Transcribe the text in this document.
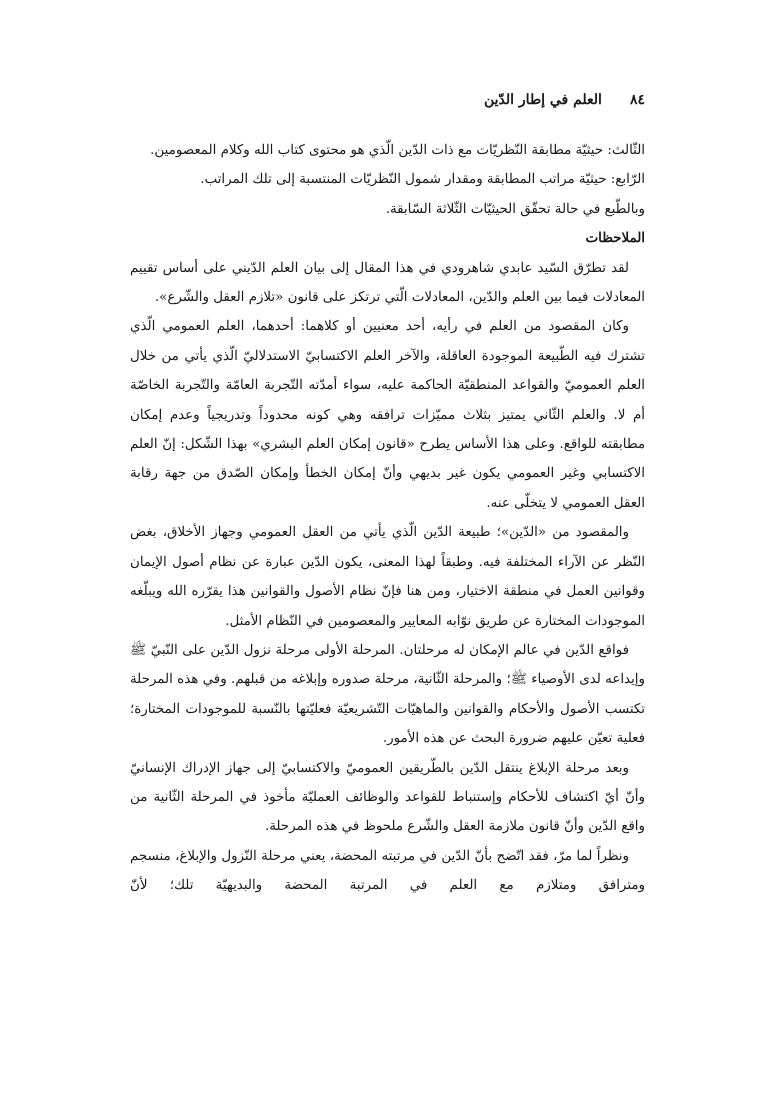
٨٤
العلم في إطار الدّين

الثّالث: حيثيّة مطابقة النّظريّات مع ذات الدّين الّذي هو محتوى كتاب الله وكلام المعصومين.

الرّابع: حيثيّة مراتب المطابقة ومقدار شمول النّظريّات المنتسبة إلى تلك المراتب.

وبالطّبع في حالة تحقّق الحيثيّات الثّلاثة السّابقة.

الملاحظات

لقد تطرّق السّيد عابدي شاهرودي في هذا المقال إلى بيان العلم الدّيني على أساس تقييم المعادلات فيما بين العلم والدّين، المعادلات الّتي ترتكز على قانون «تلازم العقل والشّرع».

وكان المقصود من العلم في رأيه، أحد معنيين أو كلاهما: أحدهما، العلم العمومي الّذي تشترك فيه الطّبيعة الموجودة العاقلة، والآخر العلم الاكتسابيّ الاستدلاليّ الّذي يأتي من خلال العلم العموميّ والقواعد المنطقيّة الحاكمة عليه، سواء أمدّته التّجربة العامّة والتّجربة الخاصّة أم لا. والعلم الثّاني يمتيز بثلاث مميّزات ترافقه وهي كونه محدوداً وتدريجياً وعدم إمكان مطابقته للواقع. وعلى هذا الأساس يطرح «قانون إمكان العلم البشري» بهذا الشّكل: إنّ العلم الاكتسابي وغير العمومي يكون غير بديهي وأنّ إمكان الخطأ وإمكان الصّدق من جهة رقابة العقل العمومي لا يتخلّى عنه.

والمقصود من «الدّين»؛ طبيعة الدّين الّذي يأتي من العقل العمومي وجهاز الأخلاق، بغض النّظر عن الآراء المختلفة فيه. وطبقاً لهذا المعنى، يكون الدّين عبارة عن نظام أصول الإيمان وقوانين العمل في منطقة الاختيار، ومن هنا فإنّ نظام الأصول والقوانين هذا يقرّره الله ويبلّغه الموجودات المختارة عن طريق نوّابه المعايير والمعصومين في النّظام الأمثل.

فواقع الدّين في عالم الإمكان له مرحلتان. المرحلة الأولى مرحلة نزول الدّين على النّبيّ ﷺ وإيداعه لدى الأوصياء ﷺ؛ والمرحلة الثّانية، مرحلة صدوره وإبلاغه من قبلهم. وفي هذه المرحلة تكتسب الأصول والأحكام والقوانين والماهيّات التّشريعيّة فعليّتها بالنّسبة للموجودات المختارة؛ فعلية تعيّن عليهم ضرورة البحث عن هذه الأمور.

وبعد مرحلة الإبلاغ ينتقل الدّين بالطّريقين العموميّ والاكتسابيّ إلى جهاز الإدراك الإنسانيّ وأنّ أيّ اكتشاف للأحكام وإستنباط للقواعد والوظائف العمليّة مأخوذ في المرحلة الثّانية من واقع الدّين وأنّ قانون ملازمة العقل والشّرع ملحوظ في هذه المرحلة.

ونظراً لما مرّ، فقد اتّضح بأنّ الدّين في مرتبته المحضة، يعني مرحلة النّزول والإبلاغ، منسجم ومترافق ومتلازم مع العلم في المرتبة المحضة والبديهيّة تلك؛ لأنّ
